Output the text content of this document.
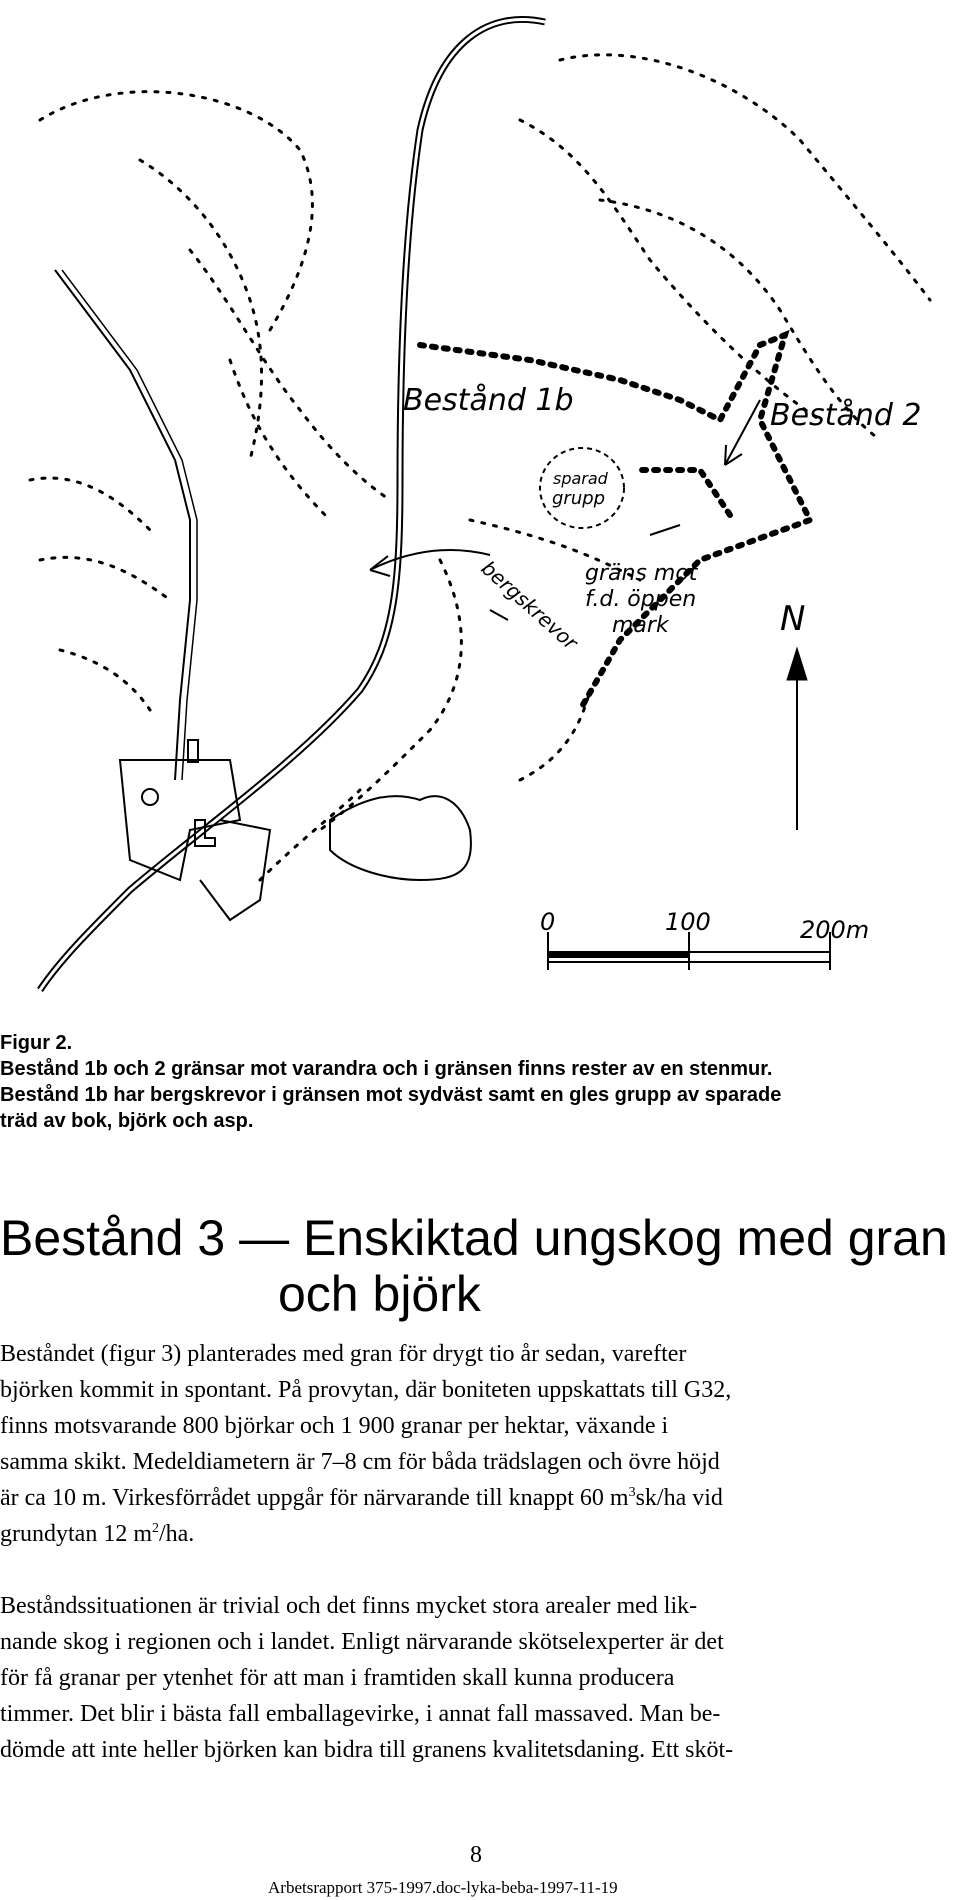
Bestånd 1b	Bestånd 2
sparad
grupp
gräns mot
f.d. öppen
mark
bergskrevor	N
0	100	200m
Figur 2.
Bestånd 1b och 2 gränsar mot varandra och i gränsen finns rester av en stenmur.
Bestånd 1b har bergskrevor i gränsen mot sydväst samt en gles grupp av sparade
träd av bok, björk och asp.
Bestånd 3 — Enskiktad ungskog med gran
och björk

Beståndet (figur 3) planterades med gran för drygt tio år sedan, varefter
björken kommit in spontant. På provytan, där boniteten uppskattats till G32,
finns motsvarande 800 björkar och 1 900 granar per hektar, växande i
samma skikt. Medeldiametern är 7–8 cm för båda trädslagen och övre höjd
är ca 10 m. Virkesförrådet uppgår för närvarande till knappt 60 $m^3sk/ha$ vid
grundytan 12 $m^2/ha$.

Beståndssituationen är trivial och det finns mycket stora arealer med lik-
nande skog i regionen och i landet. Enligt närvarande skötselexperter är det
för få granar per ytenhet för att man i framtiden skall kunna producera
timmer. Det blir i bästa fall emballagevirke, i annat fall massaved. Man be-
dömde att inte heller björken kan bidra till granens kvalitetsdaning. Ett sköt-

8
Arbetsrapport 375-1997.doc-lyka-beba-1997-11-19
